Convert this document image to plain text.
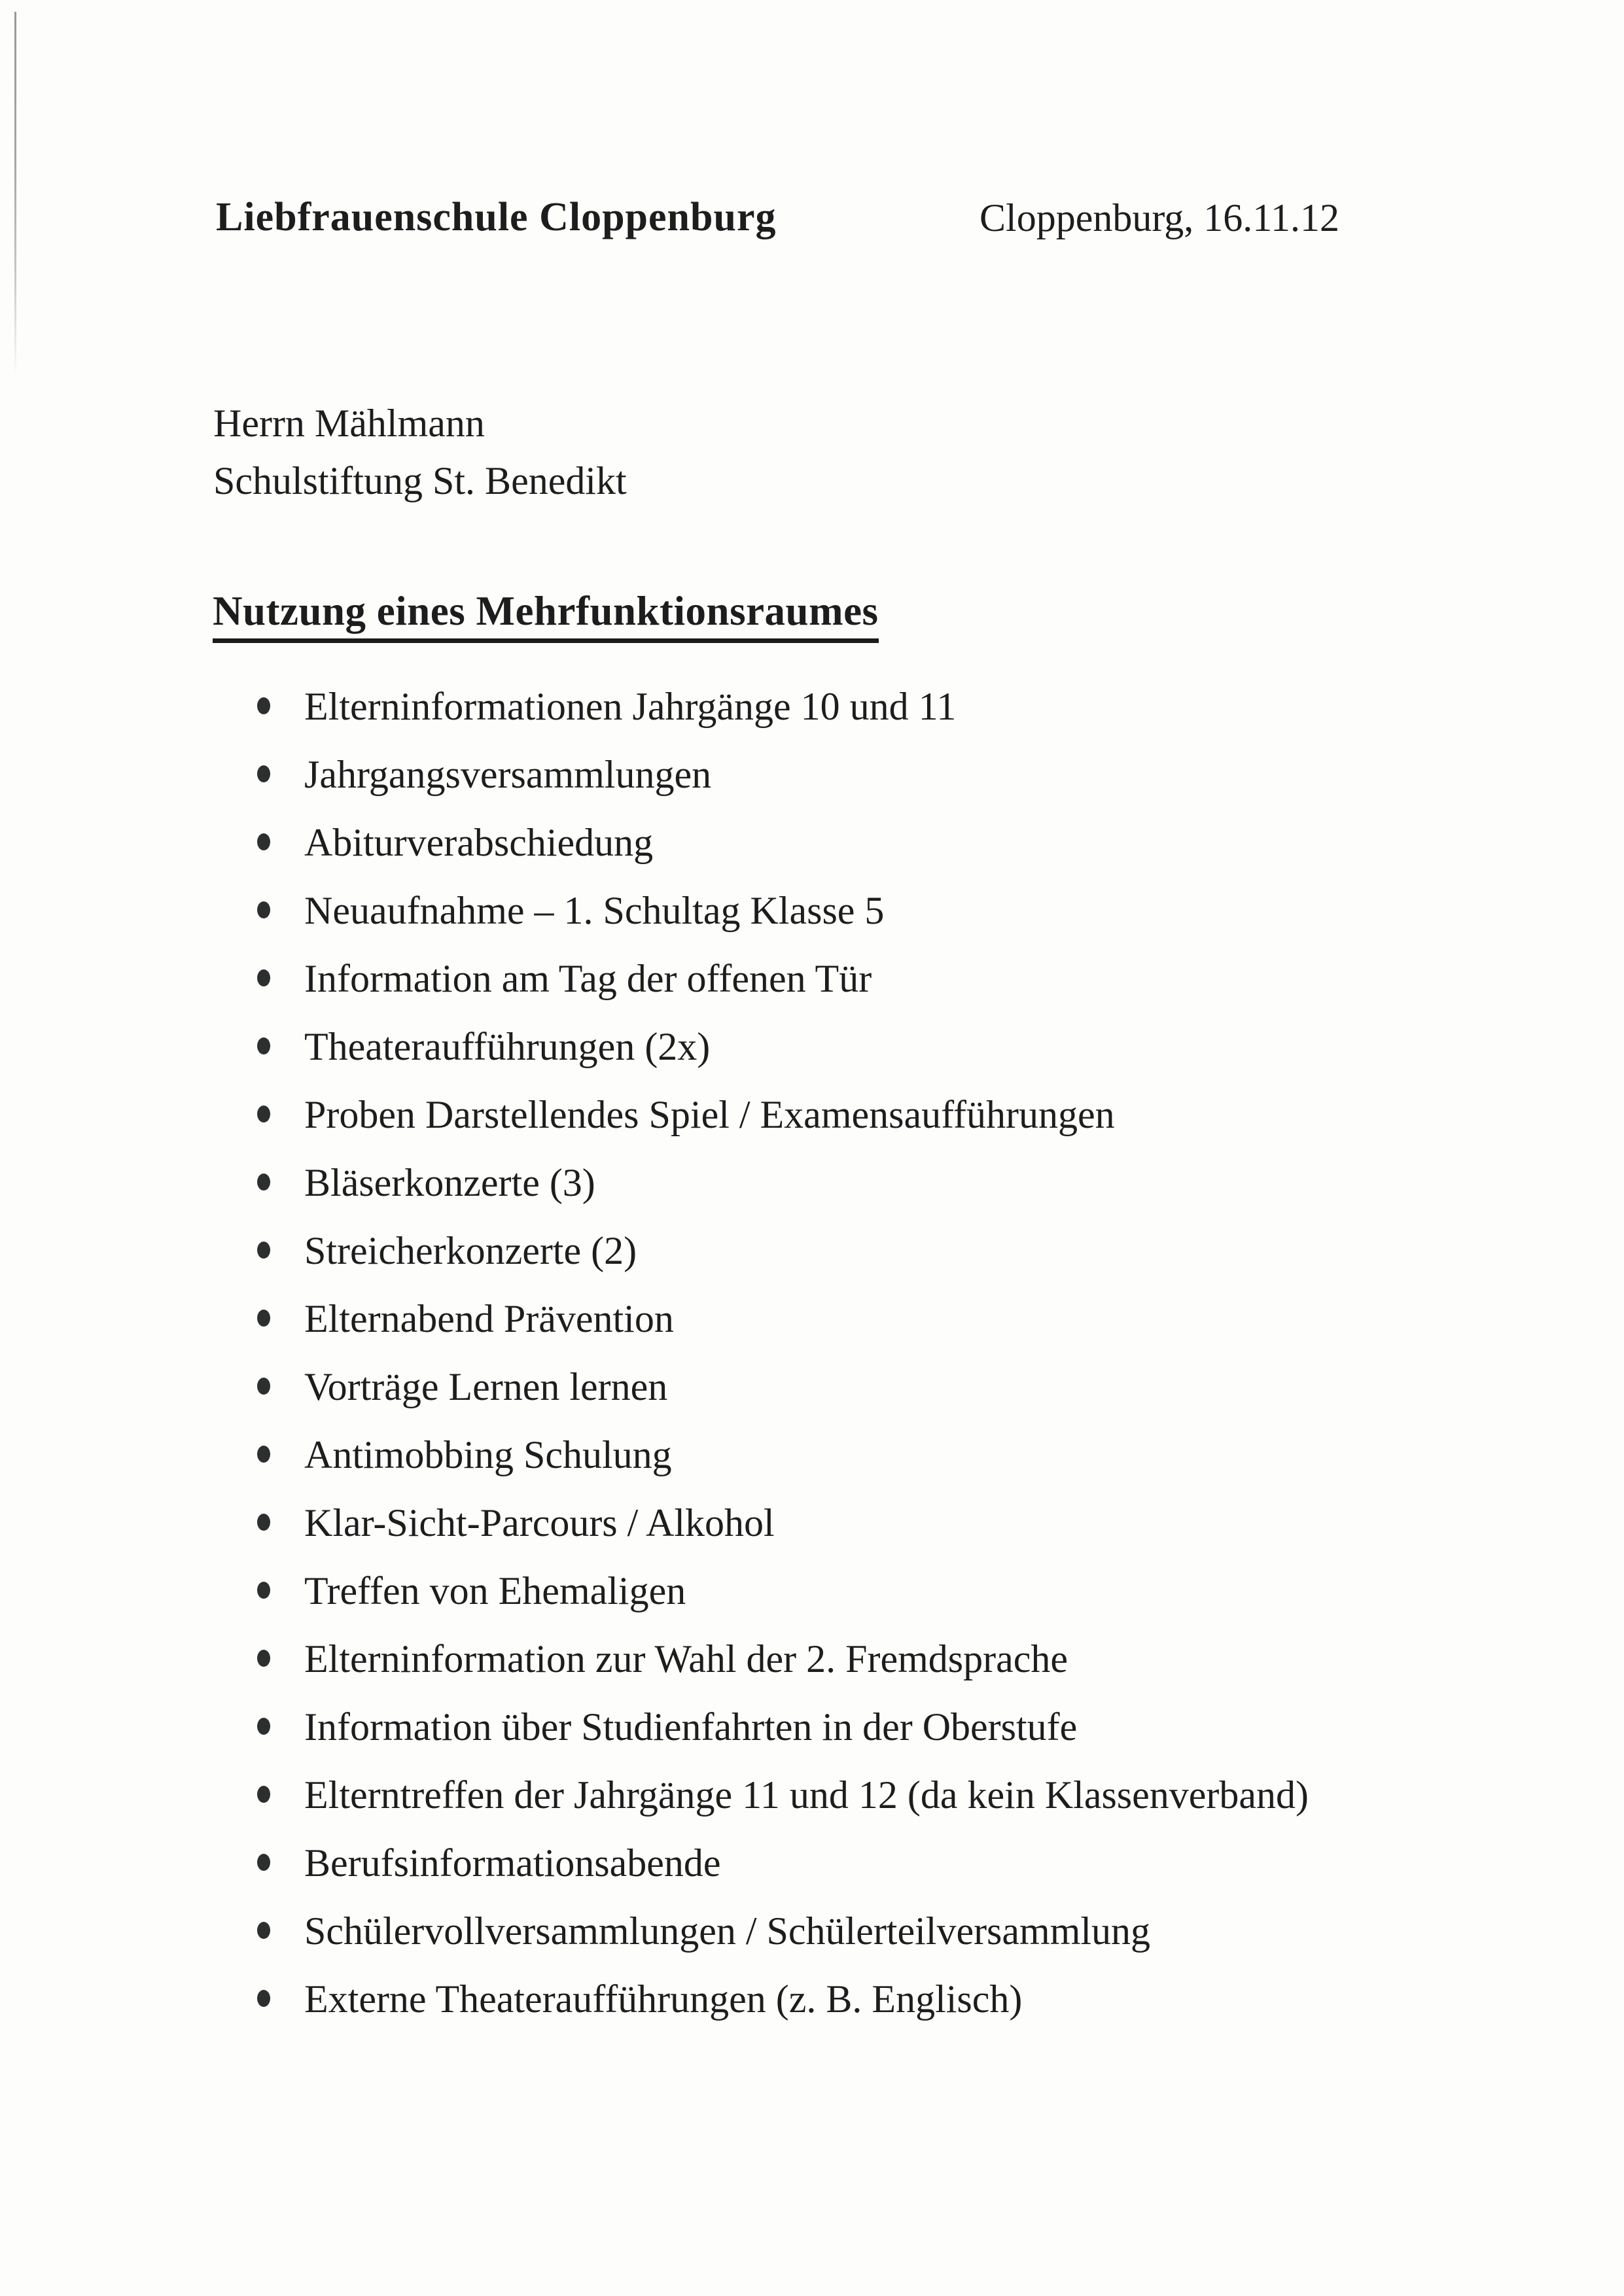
Liebfrauenschule Cloppenburg	Cloppenburg, 16.11.12
Herrn Mählmann
Schulstiftung St. Benedikt
Nutzung eines Mehrfunktionsraumes
Elterninformationen Jahrgänge 10 und 11
Jahrgangsversammlungen
Abiturverabschiedung
Neuaufnahme – 1. Schultag Klasse 5
Information am Tag der offenen Tür
Theateraufführungen (2x)
Proben Darstellendes Spiel / Examensaufführungen
Bläserkonzerte (3)
Streicherkonzerte (2)
Elternabend Prävention
Vorträge Lernen lernen
Antimobbing Schulung
Klar-Sicht-Parcours / Alkohol
Treffen von Ehemaligen
Elterninformation zur Wahl der 2. Fremdsprache
Information über Studienfahrten in der Oberstufe
Elterntreffen der Jahrgänge 11 und 12 (da kein Klassenverband)
Berufsinformationsabende
Schülervollversammlungen / Schülerteilversammlung
Externe Theateraufführungen (z. B. Englisch)
